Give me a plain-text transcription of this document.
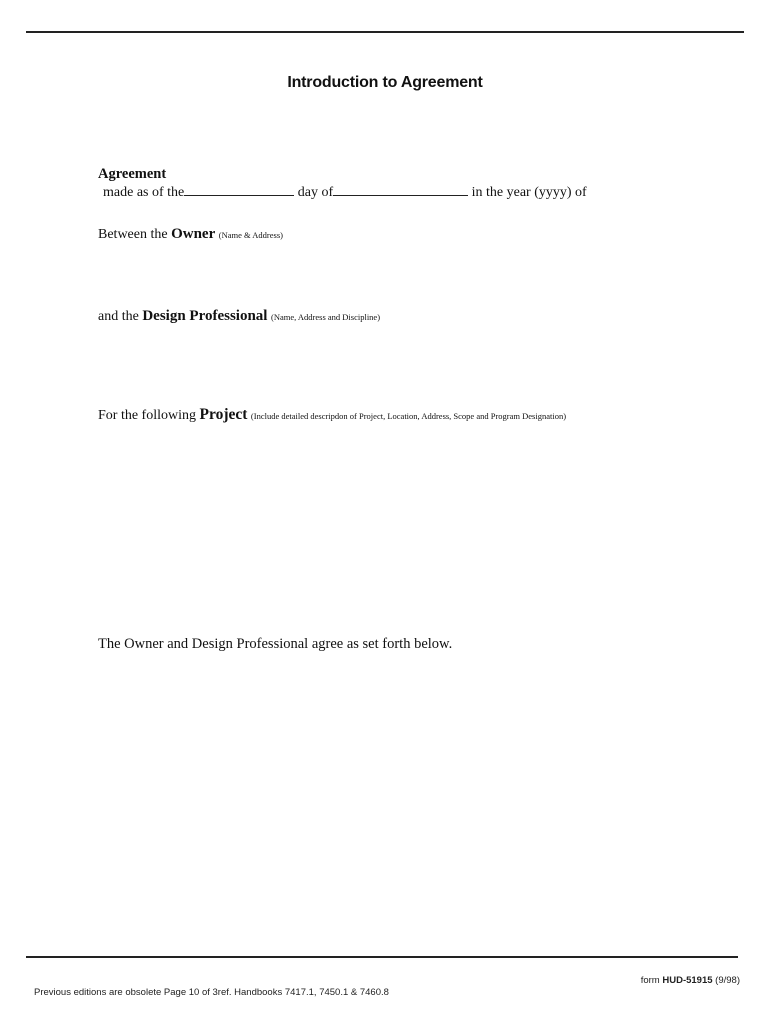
Introduction to Agreement
Agreement
made as of the	day of	in the year (yyyy) of
Between the Owner (Name & Address)
and the Design Professional (Name, Address and Discipline)
For the following Project (Include detailed descripdon of Project, Location, Address, Scope and Program Designation)
The Owner and Design Professional agree as set forth below.
form HUD-51915 (9/98)
Previous editions are obsolete Page 10 of 3ref. Handbooks 7417.1, 7450.1 & 7460.8
